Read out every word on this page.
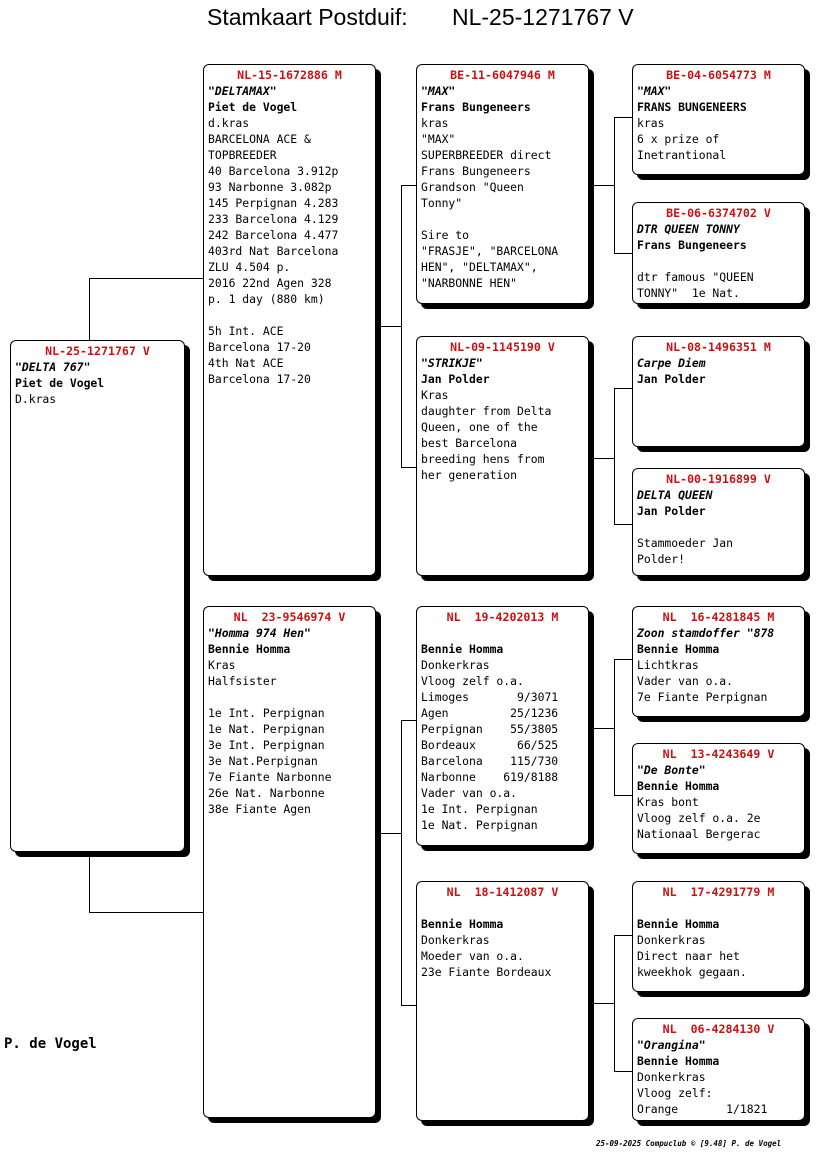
Stamkaart Postduif: NL-25-1271767 V
NL-25-1271767 V
"DELTA 767"
Piet de Vogel
D.kras
NL-15-1672886 M
"DELTAMAX"
Piet de Vogel
d.kras
BARCELONA ACE &
TOPBREEDER
40 Barcelona 3.912p
93 Narbonne 3.082p
145 Perpignan 4.283
233 Barcelona 4.129
242 Barcelona 4.477
403rd Nat Barcelona
ZLU 4.504 p.
2016 22nd Agen 328
p. 1 day (880 km)
5h Int. ACE
Barcelona 17-20
4th Nat ACE
Barcelona 17-20
NL  23-9546974 V
"Homma 974 Hen"
Bennie Homma
Kras
Halfsister
1e Int. Perpignan
1e Nat. Perpignan
3e Int. Perpignan
3e Nat.Perpignan
7e Fiante Narbonne
26e Nat. Narbonne
38e Fiante Agen
BE-11-6047946 M
"MAX"
Frans Bungeneers
kras
"MAX"
SUPERBREEDER direct
Frans Bungeneers
Grandson "Queen
Tonny"
Sire to
"FRASJE", "BARCELONA
HEN", "DELTAMAX",
"NARBONNE HEN"
NL-09-1145190 V
"STRIKJE"
Jan Polder
Kras
daughter from Delta
Queen, one of the
best Barcelona
breeding hens from
her generation
NL  19-4202013 M
Bennie Homma
Donkerkras
Vloog zelf o.a.
Limoges       9/3071
Agen         25/1236
Perpignan    55/3805
Bordeaux      66/525
Barcelona    115/730
Narbonne    619/8188
Vader van o.a.
1e Int. Perpignan
1e Nat. Perpignan
NL  18-1412087 V
Bennie Homma
Donkerkras
Moeder van o.a.
23e Fiante Bordeaux
BE-04-6054773 M
"MAX"
FRANS BUNGENEERS
kras
6 x prize of
Inetrantional
BE-06-6374702 V
DTR QUEEN TONNY
Frans Bungeneers
dtr famous "QUEEN
TONNY"  1e Nat.
NL-08-1496351 M
Carpe Diem
Jan Polder
NL-00-1916899 V
DELTA QUEEN
Jan Polder
Stammoeder Jan
Polder!
NL  16-4281845 M
Zoon stamdoffer "878
Bennie Homma
Lichtkras
Vader van o.a.
7e Fiante Perpignan
NL  13-4243649 V
"De Bonte"
Bennie Homma
Kras bont
Vloog zelf o.a. 2e
Nationaal Bergerac
NL  17-4291779 M
Bennie Homma
Donkerkras
Direct naar het
kweekhok gegaan.
NL  06-4284130 V
"Orangina"
Bennie Homma
Donkerkras
Vloog zelf:
Orange       1/1821
P. de Vogel
25-09-2025 Compuclub © [9.48] P. de Vogel
